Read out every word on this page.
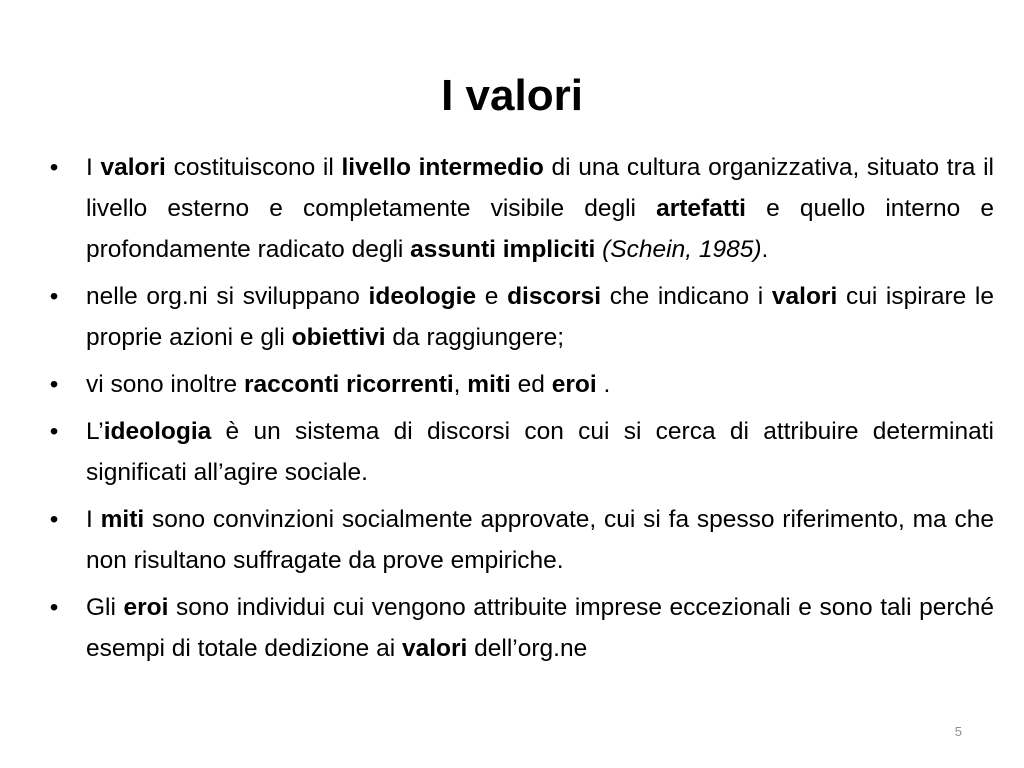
I valori
• I valori costituiscono il livello intermedio di una cultura organizzativa, situato tra il livello esterno e completamente visibile degli artefatti e quello interno e profondamente radicato degli assunti impliciti (Schein, 1985).
• nelle org.ni si sviluppano ideologie e discorsi che indicano i valori cui ispirare le proprie azioni e gli obiettivi da raggiungere;
• vi sono inoltre racconti ricorrenti, miti ed eroi .
• L’ideologia è un sistema di discorsi con cui si cerca di attribuire determinati significati all’agire sociale.
• I miti sono convinzioni socialmente approvate, cui si fa spesso riferimento, ma che non risultano suffragate da prove empiriche.
• Gli eroi sono individui cui vengono attribuite imprese eccezionali e sono tali perché esempi di totale dedizione ai valori dell’org.ne
5
